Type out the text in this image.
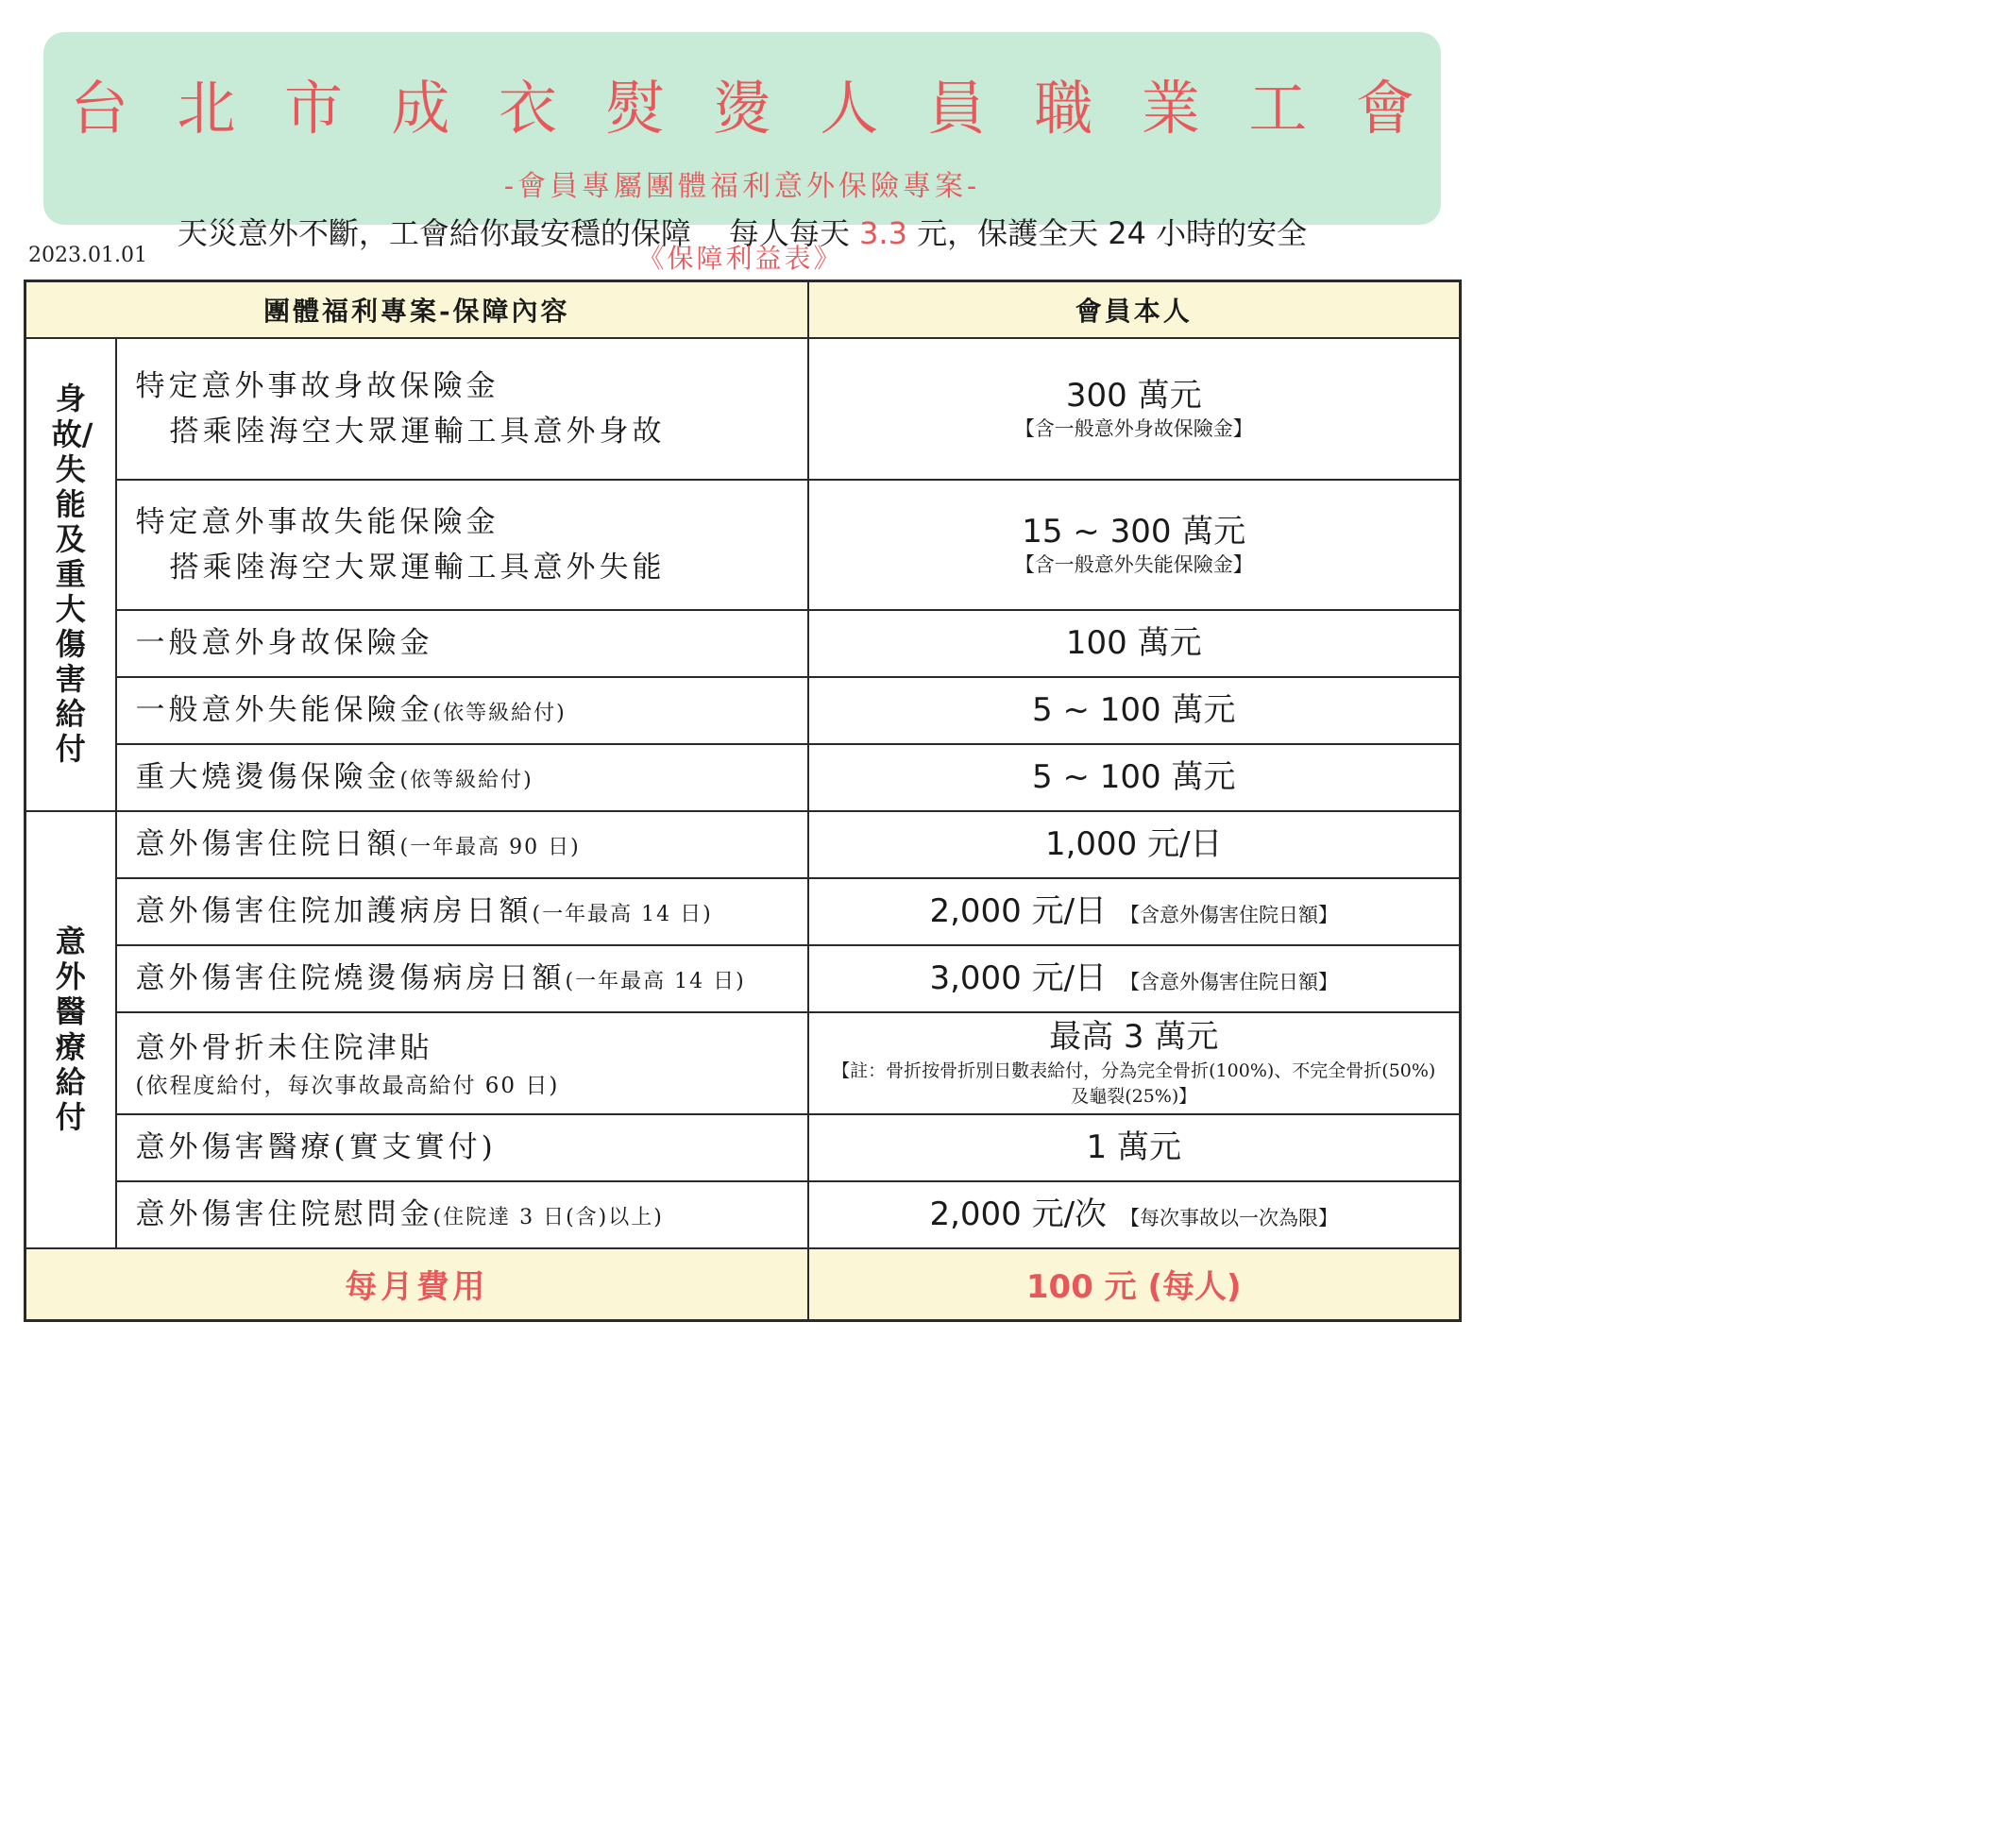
台 北 市 成 衣 熨 燙 人 員 職 業 工 會
-會員專屬團體福利意外保險專案-
天災意外不斷，工會給你最安穩的保障 每人每天 3.3 元，保護全天 24 小時的安全
2023.01.01	《保障利益表》
團體福利專案-保障內容		會員本人
身故/失能及重大傷害給付	特定意外事故身故保險金
搭乘陸海空大眾運輸工具意外身故	300 萬元
【含一般意外身故保險金】

	特定意外事故失能保險金
搭乘陸海空大眾運輸工具意外失能	15 ~ 300 萬元
【含一般意外失能保險金】

	一般意外身故保險金	100 萬元
	一般意外失能保險金(依等級給付)	5 ~ 100 萬元
	重大燒燙傷保險金(依等級給付)	5 ~ 100 萬元
意外醫療給付	意外傷害住院日額(一年最高 90 日)	1,000 元/日
	意外傷害住院加護病房日額(一年最高 14 日)	2,000 元/日 【含意外傷害住院日額】
	意外傷害住院燒燙傷病房日額(一年最高 14 日)	3,000 元/日 【含意外傷害住院日額】
	意外骨折未住院津貼
(依程度給付，每次事故最高給付 60 日)	最高 3 萬元
【註：骨折按骨折別日數表給付，分為完全骨折(100%)、不完全骨折(50%)及龜裂(25%)】

	意外傷害醫療(實支實付)	1 萬元
	意外傷害住院慰問金(住院達 3 日(含)以上)	2,000 元/次 【每次事故以一次為限】
每月費用		100 元 (每人)
